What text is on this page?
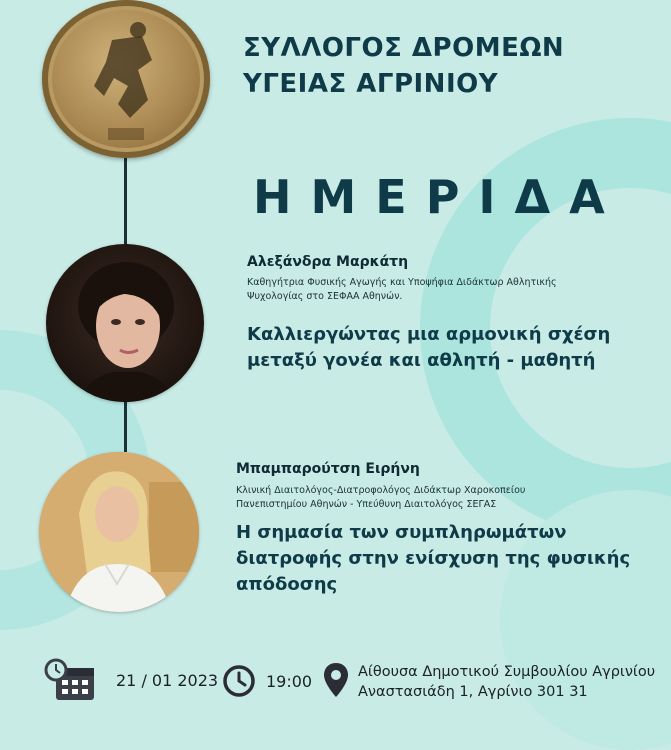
ΣΥΛΛΟΓΟΣ ΔΡΟΜΕΩΝ
ΥΓΕΙΑΣ ΑΓΡΙΝΙΟΥ
ΗΜΕΡΙΔΑ
Αλεξάνδρα Μαρκάτη
Καθηγήτρια Φυσικής Αγωγής και Υποψήφια Διδάκτωρ Αθλητικής
Ψυχολογίας στο ΣΕΦΑΑ Αθηνών.
Καλλιεργώντας μια αρμονική σχέση
μεταξύ γονέα και αθλητή - μαθητή
Μπαμπαρούτση Ειρήνη
Κλινική Διαιτολόγος-Διατροφολόγος Διδάκτωρ Χαροκοπείου
Πανεπιστημίου Αθηνών - Υπεύθυνη Διαιτολόγος ΣΕΓΑΣ
Η σημασία των συμπληρωμάτων
διατροφής στην ενίσχυση της φυσικής
απόδοσης
21 / 01 2023	19:00	Αίθουσα Δημοτικού Συμβουλίου Αγρινίου
Αναστασιάδη 1, Αγρίνιο 301 31
